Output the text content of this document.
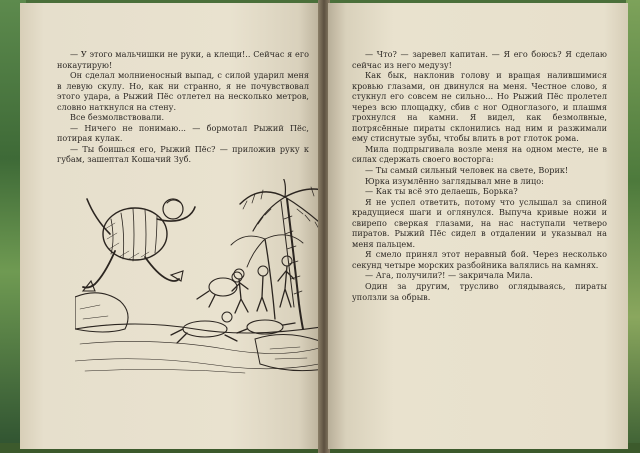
— У этого мальчишки не руки, а клещи!.. Сейчас я его нокаутирую!

Он сделал молниеносный выпад, с силой ударил меня в левую скулу. Но, как ни странно, я не почувствовал этого удара, а Рыжий Пёс отлетел на несколько метров, словно наткнулся на стену.

Все безмолвствовали.

— Ничего не понимаю... — бормотал Рыжий Пёс, потирая кулак.

— Ты боишься его, Рыжий Пёс? — приложив руку к губам, зашептал Кошачий Зуб.

— Что? — заревел капитан. — Я его боюсь? Я сделаю сейчас из него медузу!

Как бык, наклонив голову и вращая налившимися кровью глазами, он двинулся на меня. Честное слово, я стукнул его совсем не сильно... Но Рыжий Пёс пролетел через всю площадку, сбив с ног Одноглазого, и плашмя грохнулся на камни. Я видел, как безмолвные, потрясённые пираты склонились над ним и разжимали ему стиснутые зубы, чтобы влить в рот глоток рома.

Мила подпрыгивала возле меня на одном месте, не в силах сдержать своего восторга:

— Ты самый сильный человек на свете, Ворик!

Юрка изумлённо заглядывал мне в лицо:

— Как ты всё это делаешь, Борька?

Я не успел ответить, потому что услышал за спиной крадущиеся шаги и оглянулся. Выпуча кривые ножи и свирепо сверкая глазами, на нас наступали четверо пиратов. Рыжий Пёс сидел в отдалении и указывал на меня пальцем.

Я смело принял этот неравный бой. Через несколько секунд четыре морских разбойника валялись на камнях.

— Ага, получили?! — закричала Мила.

Один за другим, трусливо оглядываясь, пираты уползли за обрыв.
